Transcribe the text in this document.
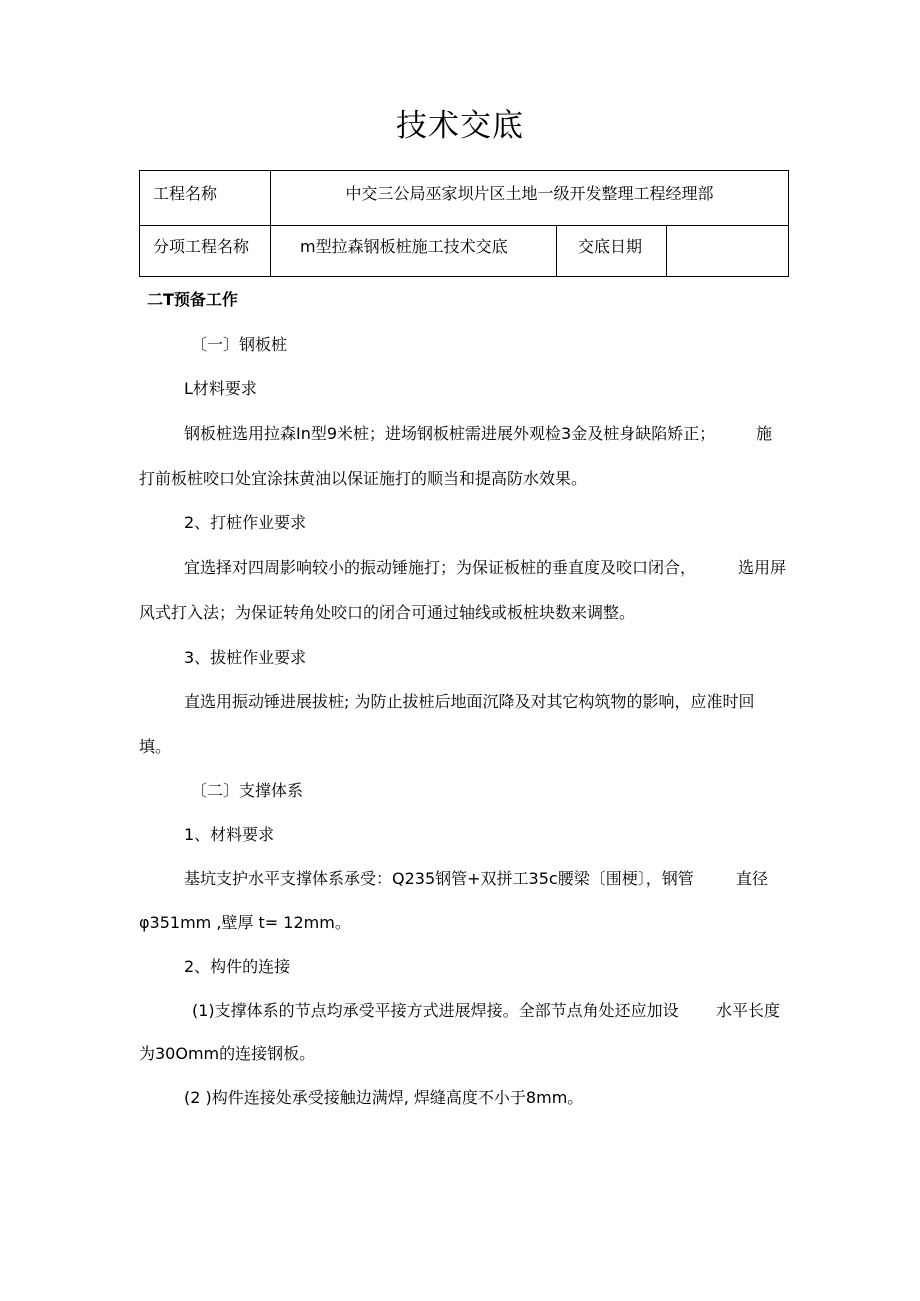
技术交底
工程名称	中交三公局巫家坝片区土地一级开发整理工程经理部		
分项工程名称	m型拉森钢板桩施工技术交底	交底日期	
二T预备工作
〔一〕钢板桩
L材料要求
钢板桩选用拉森In型9米桩；进场钢板桩需进展外观检3金及桩身缺陷矫正；	施
打前板桩咬口处宜涂抹黄油以保证施打的顺当和提高防水效果。
2、打桩作业要求
宜选择对四周影响较小的振动锤施打；为保证板桩的垂直度及咬口闭合，	选用屏
风式打入法；为保证转角处咬口的闭合可通过轴线或板桩块数来调整。
3、拔桩作业要求
直选用振动锤进展拔桩; 为防止拔桩后地面沉降及对其它构筑物的影响，应准时回
填。
〔二〕支撑体系
1、材料要求
基坑支护水平支撑体系承受：Q235钢管+双拼工35c腰梁〔围梗〕，钢管	直径
φ351mm ,壁厚 t= 12mm。
2、构件的连接
(1)支撑体系的节点均承受平接方式进展焊接。全部节点角处还应加设 水平长度
为30Omm的连接钢板。
(2 )构件连接处承受接触边满焊, 焊缝高度不小于8mm。
